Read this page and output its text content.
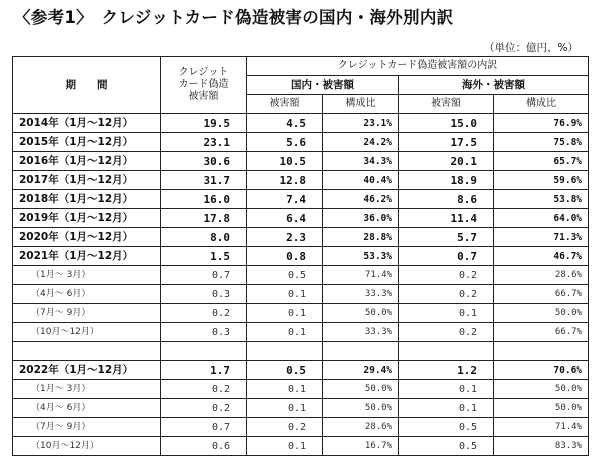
〈参考1〉　クレジットカード偽造被害の国内・海外別内訳
（単位：億円、%）
期　　間	クレジット
カード偽造
被害額	クレジットカード偽造被害額の内訳			
		国内・被害額		海外・被害額	
		被害額	構成比	被害額	構成比
2014年（1月～12月）	19.5	4.5	23.1%	15.0	76.9%
2015年（1月～12月）	23.1	5.6	24.2%	17.5	75.8%
2016年（1月～12月）	30.6	10.5	34.3%	20.1	65.7%
2017年（1月～12月）	31.7	12.8	40.4%	18.9	59.6%
2018年（1月～12月）	16.0	7.4	46.2%	8.6	53.8%
2019年（1月～12月）	17.8	6.4	36.0%	11.4	64.0%
2020年（1月～12月）	8.0	2.3	28.8%	5.7	71.3%
2021年（1月～12月）	1.5	0.8	53.3%	0.7	46.7%
（1月～ 3月）	0.7	0.5	71.4%	0.2	28.6%
（4月～ 6月）	0.3	0.1	33.3%	0.2	66.7%
（7月～ 9月）	0.2	0.1	50.0%	0.1	50.0%
（10月～12月）	0.3	0.1	33.3%	0.2	66.7%

2022年（1月～12月）	1.7	0.5	29.4%	1.2	70.6%
（1月～ 3月）	0.2	0.1	50.0%	0.1	50.0%
（4月～ 6月）	0.2	0.1	50.0%	0.1	50.0%
（7月～ 9月）	0.7	0.2	28.6%	0.5	71.4%
（10月～12月）	0.6	0.1	16.7%	0.5	83.3%
